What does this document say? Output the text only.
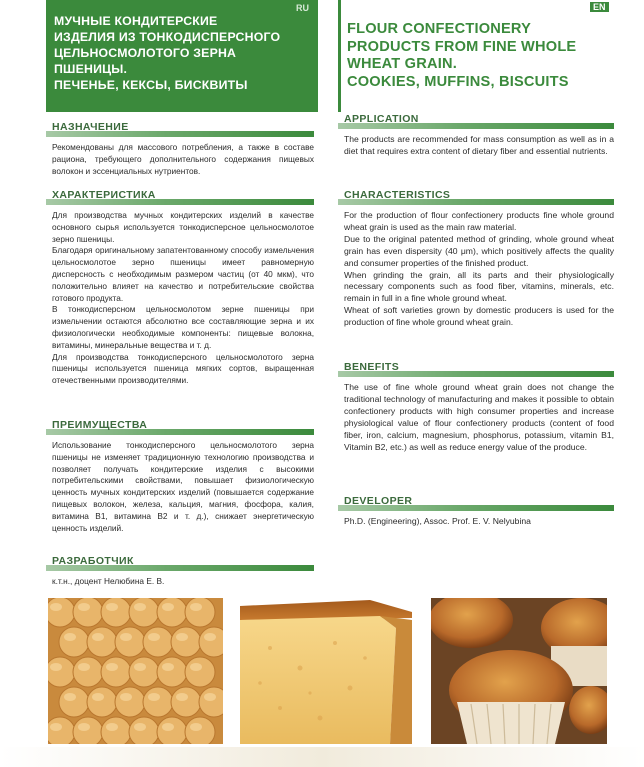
МУЧНЫЕ КОНДИТЕРСКИЕ
ИЗДЕЛИЯ ИЗ ТОНКОДИСПЕРСНОГО
ЦЕЛЬНОСМОЛОТОГО ЗЕРНА
ПШЕНИЦЫ.
ПЕЧЕНЬЕ, КЕКСЫ, БИСКВИТЫ
RU
FLOUR CONFECTIONERY
PRODUCTS FROM FINE WHOLE
WHEAT GRAIN.
COOKIES, MUFFINS, BISCUITS
EN
НАЗНАЧЕНИЕ
Рекомендованы для массового потребления, а также в составе рациона, требующего дополнительного содержания пищевых волокон и эссенциальных нутриентов.
ХАРАКТЕРИСТИКА
Для производства мучных кондитерских изделий в качестве основного сырья используется тонкодисперсное цельносмолотое зерно пшеницы.
Благодаря оригинальному запатентованному способу измельчения цельносмолотое зерно пшеницы имеет равномерную дисперсность с необходимым размером частиц (от 40 мкм), что положительно влияет на качество и потребительские свойства готового продукта.
В тонкодисперсном цельносмолотом зерне пшеницы при измельчении остаются абсолютно все составляющие зерна и их физиологически необходимые компоненты: пищевые волокна, витамины, минеральные вещества и т. д.
Для производства тонкодисперсного цельносмолотого зерна пшеницы используется пшеница мягких сортов, выращенная отечественными производителями.
ПРЕИМУЩЕСТВА
Использование тонкодисперсного цельносмолотого зерна пшеницы не изменяет традиционную технологию производства и позволяет получать кондитерские изделия с высокими потребительскими свойствами, повышает физиологическую ценность мучных кондитерских изделий (повышается содержание пищевых волокон, железа, кальция, магния, фосфора, калия, витамина B1, витамина B2 и т. д.), снижает энергетическую ценность изделий.
РАЗРАБОТЧИК
к.т.н., доцент Нелюбина Е. В.
APPLICATION
The products are recommended for mass consumption as well as in a diet that requires extra content of dietary fiber and essential nutrients.
CHARACTERISTICS
For the production of flour confectionery products fine whole ground wheat grain is used as the main raw material.
Due to the original patented method of grinding, whole ground wheat grain has even dispersity (40 μm), which positively affects the quality and consumer properties of the finished product.
When grinding the grain, all its parts and their physiologically necessary components such as food fiber, vitamins, minerals, etc. remain in full in a fine whole ground wheat.
Wheat of soft varieties grown by domestic producers is used for the production of fine whole ground wheat grain.
BENEFITS
The use of fine whole ground wheat grain does not change the traditional technology of manufacturing and makes it possible to obtain confectionery products with high consumer properties and increase physiological value of flour confectionery products (content of food fiber, iron, calcium, magnesium, phosphorus, potassium, vitamin B1, Vitamin B2, etc.) as well as reduce energy value of the produce.
DEVELOPER
Ph.D. (Engineering), Assoc. Prof. E. V. Nelyubina
